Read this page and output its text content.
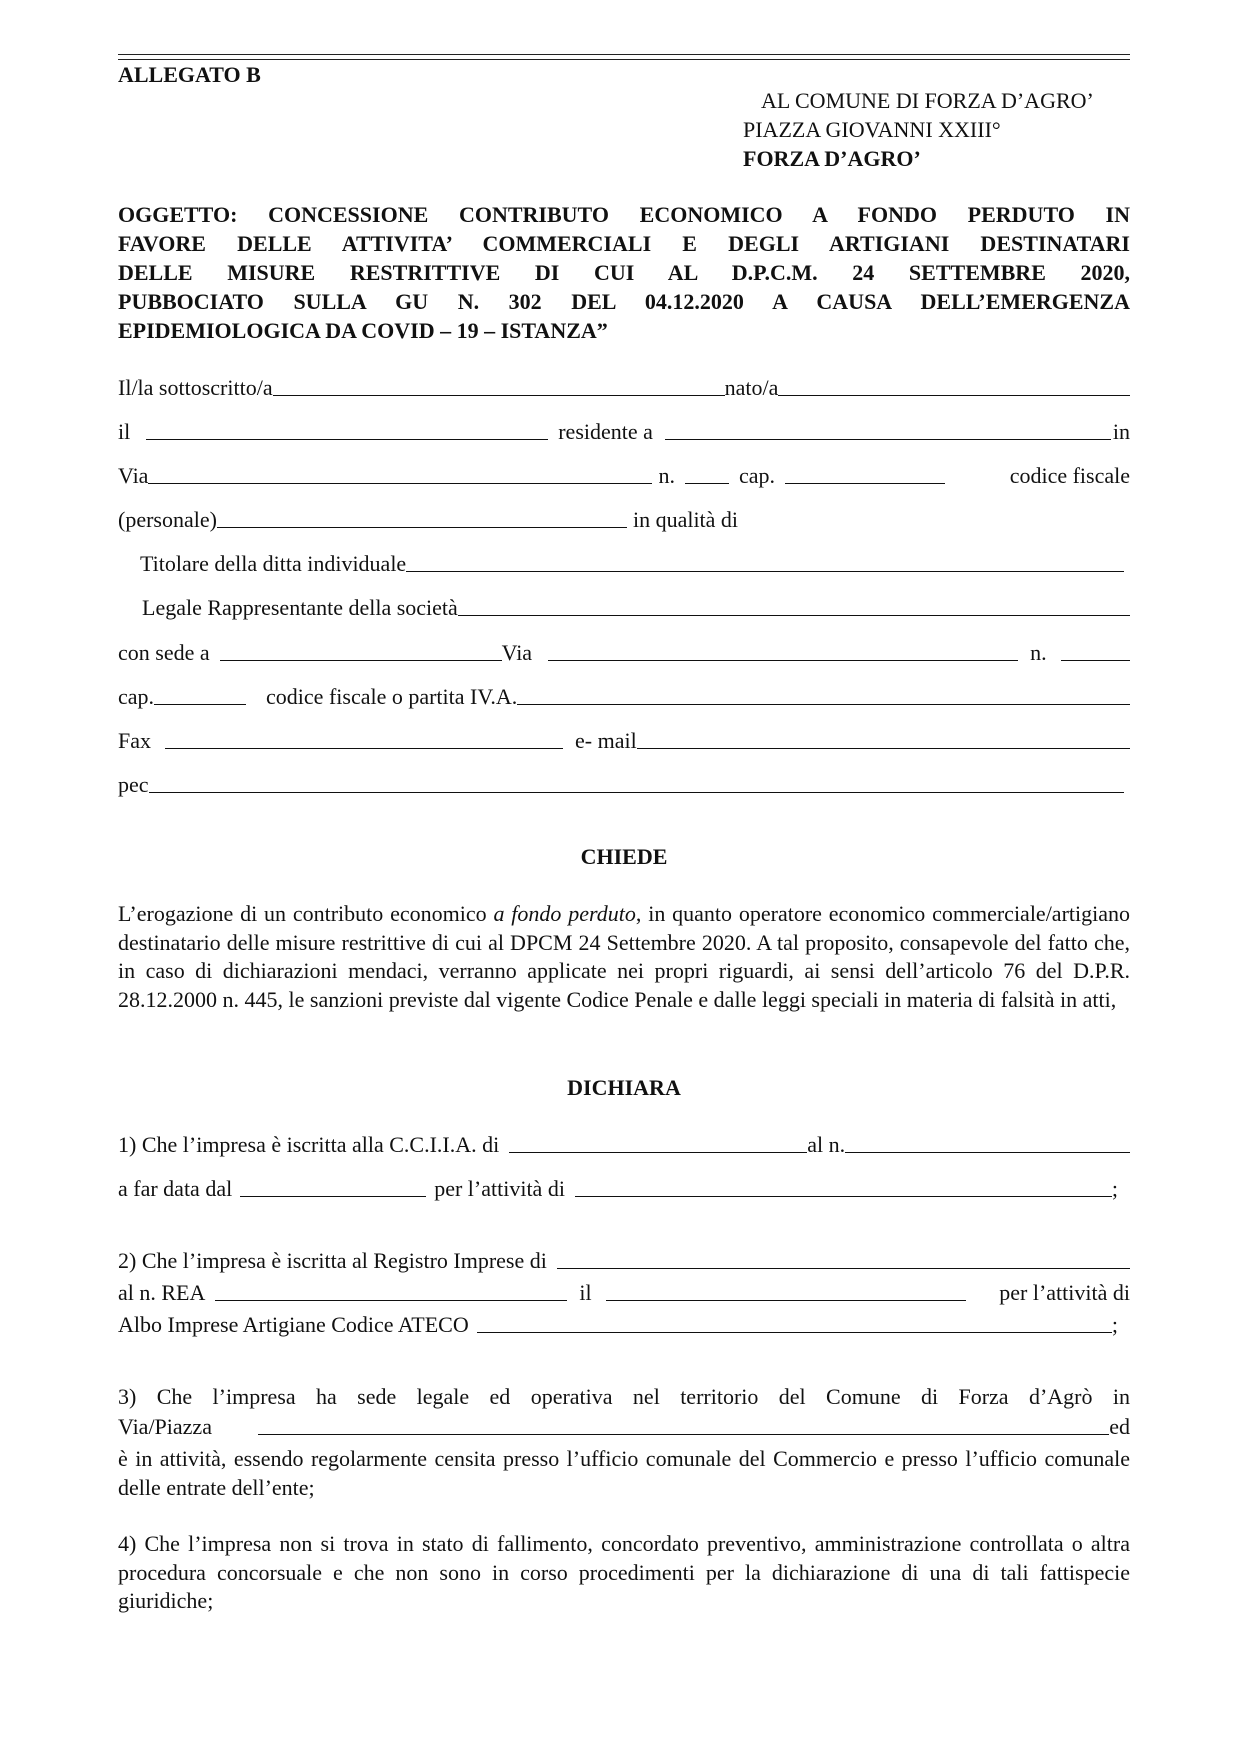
ALLEGATO B
AL COMUNE DI FORZA D’AGRO’
PIAZZA GIOVANNI XXIII°
FORZA D’AGRO’
OGGETTO: CONCESSIONE CONTRIBUTO ECONOMICO A FONDO PERDUTO IN
FAVORE DELLE ATTIVITA’ COMMERCIALI E DEGLI ARTIGIANI DESTINATARI
DELLE MISURE RESTRITTIVE DI CUI AL D.P.C.M. 24 SETTEMBRE 2020,
PUBBOCIATO SULLA GU N. 302 DEL 04.12.2020 A CAUSA DELL’EMERGENZA
EPIDEMIOLOGICA DA COVID – 19 – ISTANZA”
Il/la sottoscritto/a	nato/a
il	residente a	in
Via	n.	cap.	codice fiscale
(personale)	in qualità di
Titolare della ditta individuale
Legale Rappresentante della società
con sede a	Via	n.
cap.	codice fiscale o partita IV.A.
Fax	e- mail
pec
CHIEDE
L’erogazione di un contributo economico a fondo perduto, in quanto operatore economico commerciale/artigiano destinatario delle misure restrittive di cui al DPCM 24 Settembre 2020. A tal proposito, consapevole del fatto che, in caso di dichiarazioni mendaci, verranno applicate nei propri riguardi, ai sensi dell’articolo 76 del D.P.R. 28.12.2000 n. 445, le sanzioni previste dal vigente Codice Penale e dalle leggi speciali in materia di falsità in atti,
DICHIARA
1) Che l’impresa è iscritta alla C.C.I.I.A. di	al n.
a far data dal	per l’attività di	;
2) Che l’impresa è iscritta al Registro Imprese di
al n. REA	il	per l’attività di
Albo Imprese Artigiane Codice ATECO	;
3) Che l’impresa ha sede legale ed operativa nel territorio del Comune di Forza d’Agrò in
Via/Piazza	ed
è in attività, essendo regolarmente censita presso l’ufficio comunale del Commercio e presso l’ufficio comunale delle entrate dell’ente;
4) Che l’impresa non si trova in stato di fallimento, concordato preventivo, amministrazione controllata o altra procedura concorsuale e che non sono in corso procedimenti per la dichiarazione di una di tali fattispecie giuridiche;
